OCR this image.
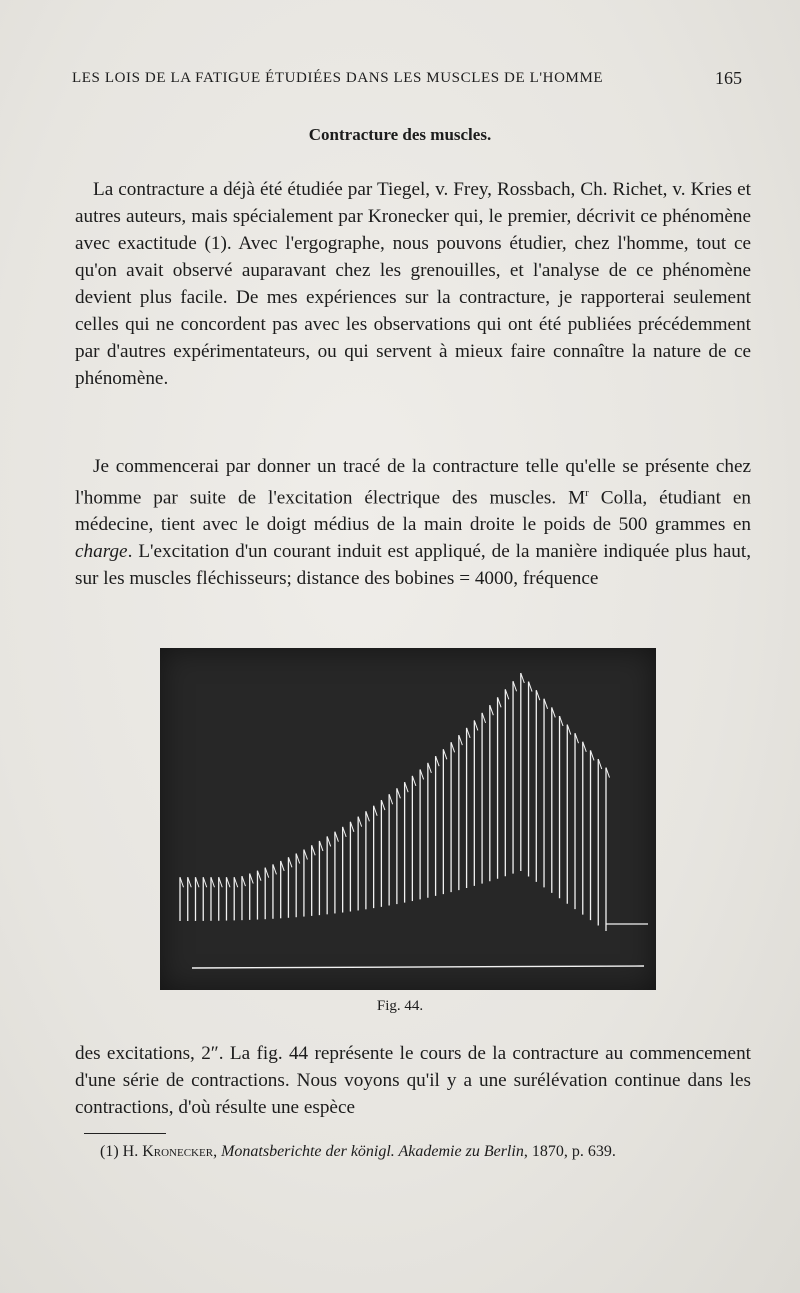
LES LOIS DE LA FATIGUE ÉTUDIÉES DANS LES MUSCLES DE L'HOMME	165
Contracture des muscles.
La contracture a déjà été étudiée par Tiegel, v. Frey, Rossbach, Ch. Richet, v. Kries et autres auteurs, mais spécialement par Kronecker qui, le premier, décrivit ce phénomène avec exactitude (1). Avec l'ergographe, nous pouvons étudier, chez l'homme, tout ce qu'on avait observé auparavant chez les grenouilles, et l'analyse de ce phénomène devient plus facile. De mes expériences sur la contracture, je rapporterai seulement celles qui ne concordent pas avec les observations qui ont été publiées précédemment par d'autres expérimentateurs, ou qui servent à mieux faire connaître la nature de ce phénomène.
Je commencerai par donner un tracé de la contracture telle qu'elle se présente chez l'homme par suite de l'excitation électrique des muscles. $M^r$ Colla, étudiant en médecine, tient avec le doigt médius de la main droite le poids de 500 grammes en charge. L'excitation d'un courant induit est appliqué, de la manière indiquée plus haut, sur les muscles fléchisseurs; distance des bobines = 4000, fréquence
Fig. 44.
des excitations, 2″. La fig. 44 représente le cours de la contracture au commencement d'une série de contractions. Nous voyons qu'il y a une surélévation continue dans les contractions, d'où résulte une espèce
(1) H. Kronecker, Monatsberichte der königl. Akademie zu Berlin, 1870, p. 639.
